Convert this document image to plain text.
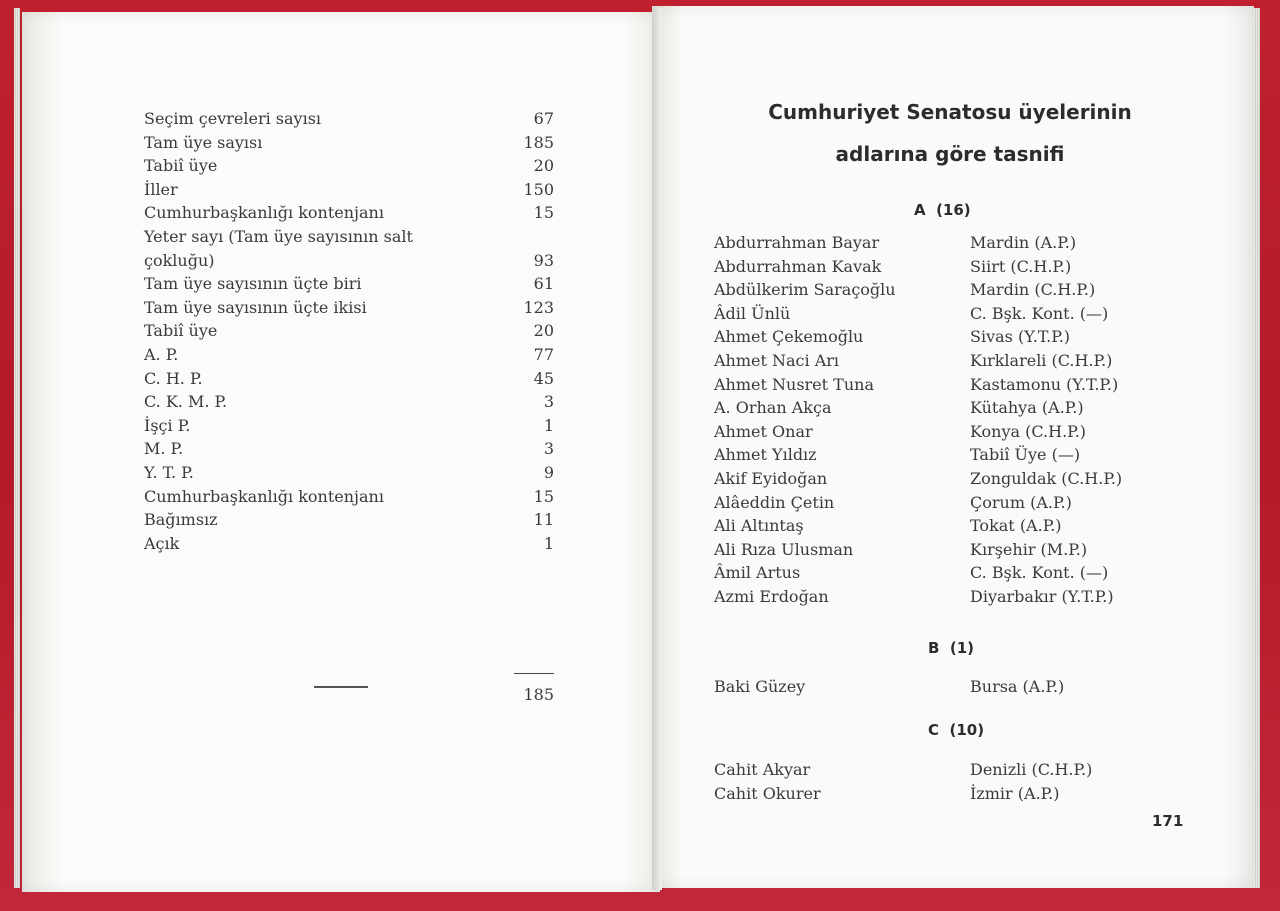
Seçim çevreleri sayısı	67
Tam üye sayısı	185
Tabiî üye	20
İller	150
Cumhurbaşkanlığı kontenjanı	15
Yeter sayı (Tam üye sayısının salt
çokluğu)	93
Tam üye sayısının üçte biri	61
Tam üye sayısının üçte ikisi	123
Tabiî üye	20
A. P.	77
C. H. P.	45
C. K. M. P.	3
İşçi P.	1
M. P.	3
Y. T. P.	9
Cumhurbaşkanlığı kontenjanı	15
Bağımsız	11
Açık	1
185
Cumhuriyet Senatosu üyelerinin
adlarına göre tasnifi
A (16)
Abdurrahman Bayar	Mardin (A.P.)
Abdurrahman Kavak	Siirt (C.H.P.)
Abdülkerim Saraçoğlu	Mardin (C.H.P.)
Âdil Ünlü	C. Bşk. Kont. (—)
Ahmet Çekemoğlu	Sivas (Y.T.P.)
Ahmet Naci Arı	Kırklareli (C.H.P.)
Ahmet Nusret Tuna	Kastamonu (Y.T.P.)
A. Orhan Akça	Kütahya (A.P.)
Ahmet Onar	Konya (C.H.P.)
Ahmet Yıldız	Tabiî Üye (—)
Akif Eyidoğan	Zonguldak (C.H.P.)
Alâeddin Çetin	Çorum (A.P.)
Ali Altıntaş	Tokat (A.P.)
Ali Rıza Ulusman	Kırşehir (M.P.)
Âmil Artus	C. Bşk. Kont. (—)
Azmi Erdoğan	Diyarbakır (Y.T.P.)
B (1)
Baki Güzey	Bursa (A.P.)
C (10)
Cahit Akyar	Denizli (C.H.P.)
Cahit Okurer	İzmir (A.P.)
171
